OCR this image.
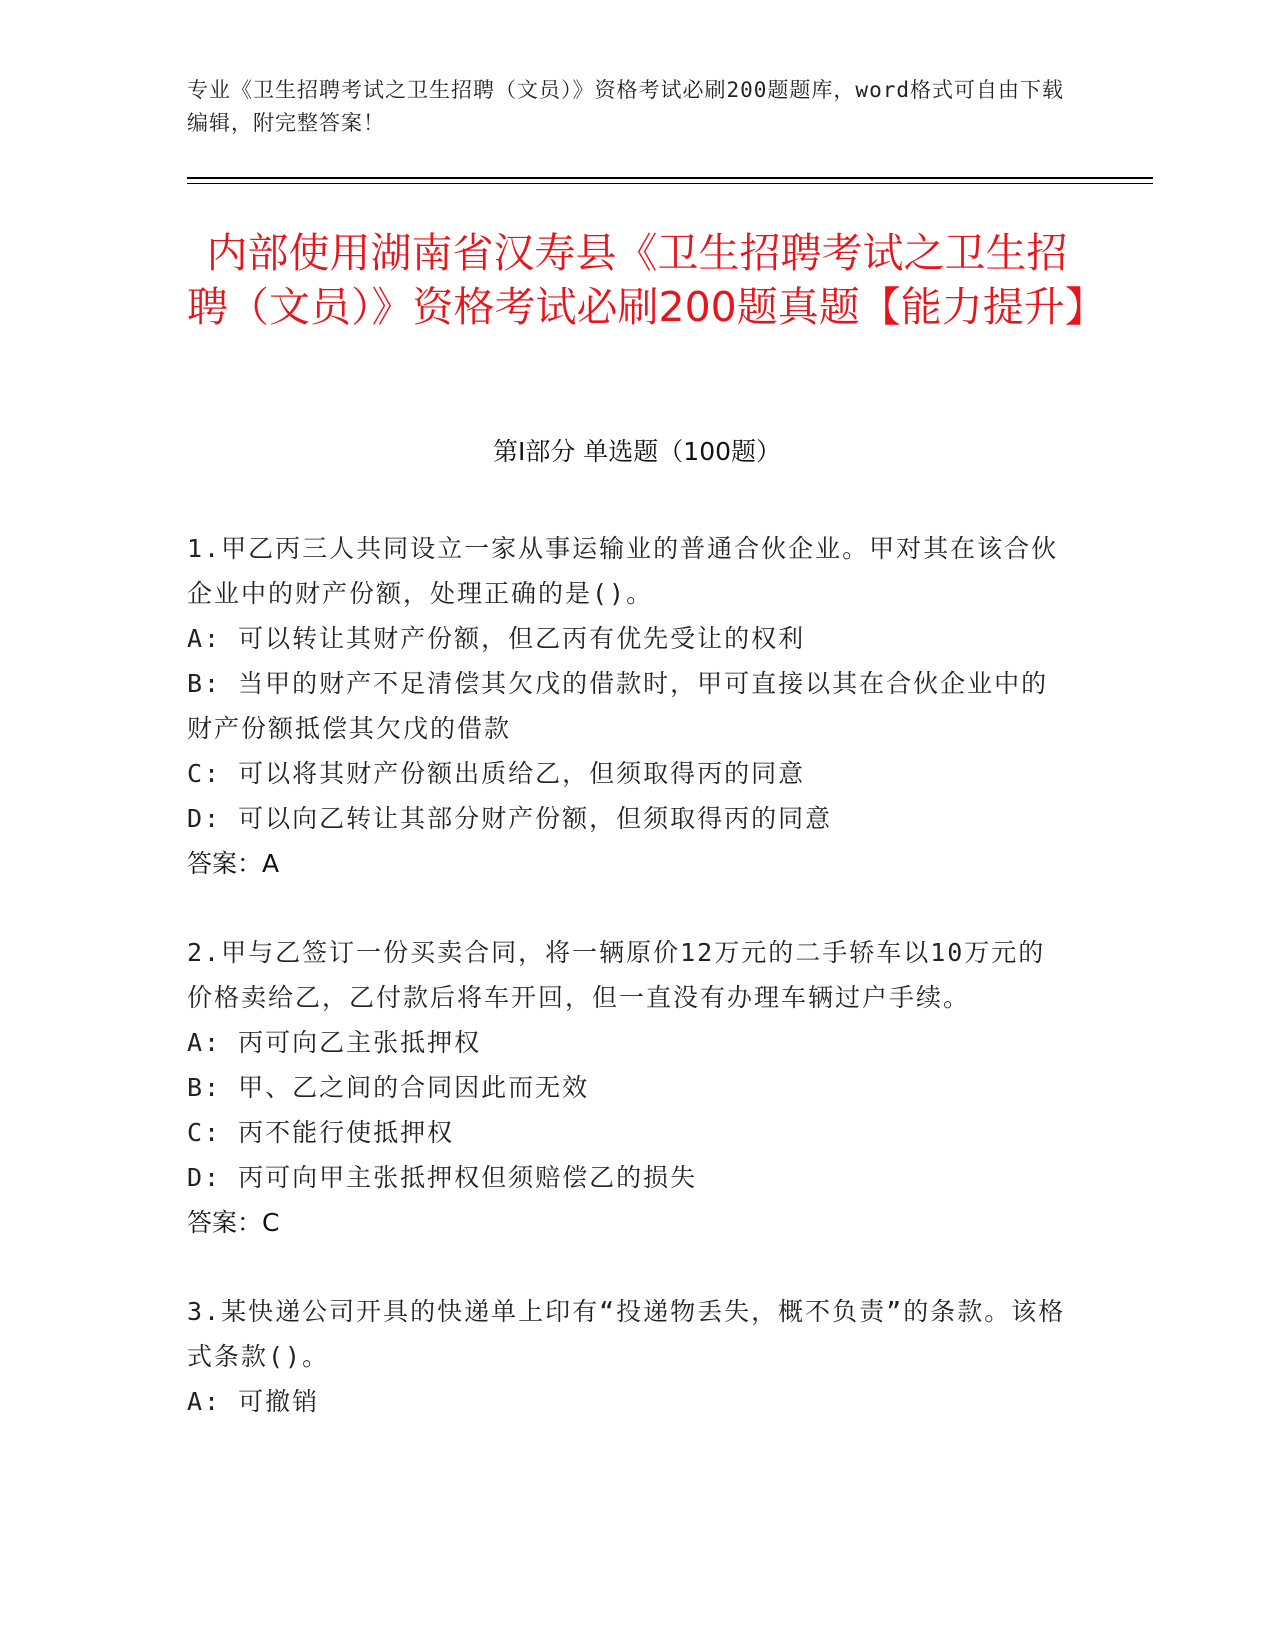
专业《卫生招聘考试之卫生招聘（文员）》资格考试必刷200题题库，word格式可自由下载编辑，附完整答案！
内部使用湖南省汉寿县《卫生招聘考试之卫生招聘（文员）》资格考试必刷200题真题【能力提升】
第I部分 单选题（100题）

1.甲乙丙三人共同设立一家从事运输业的普通合伙企业。甲对其在该合伙企业中的财产份额，处理正确的是()。

A: 可以转让其财产份额，但乙丙有优先受让的权利

B: 当甲的财产不足清偿其欠戊的借款时，甲可直接以其在合伙企业中的财产份额抵偿其欠戊的借款

C: 可以将其财产份额出质给乙，但须取得丙的同意

D: 可以向乙转让其部分财产份额，但须取得丙的同意

答案：A

2.甲与乙签订一份买卖合同，将一辆原价12万元的二手轿车以10万元的价格卖给乙，乙付款后将车开回，但一直没有办理车辆过户手续。

A: 丙可向乙主张抵押权

B: 甲、乙之间的合同因此而无效

C: 丙不能行使抵押权

D: 丙可向甲主张抵押权但须赔偿乙的损失

答案：C

3.某快递公司开具的快递单上印有“投递物丢失，概不负责”的条款。该格式条款()。

A: 可撤销
